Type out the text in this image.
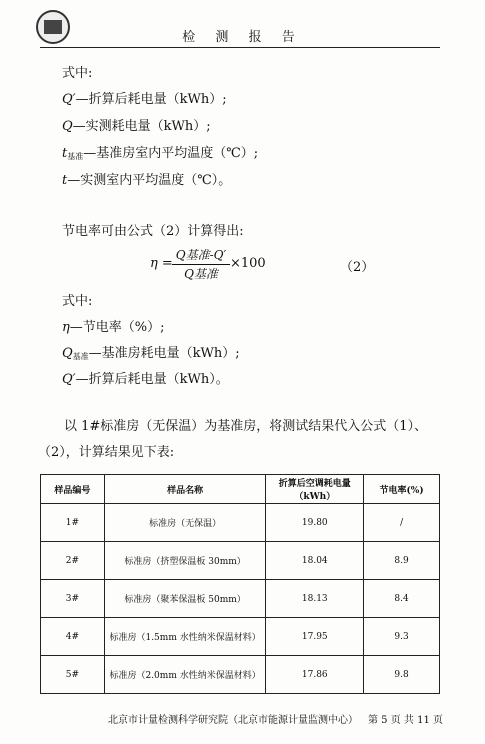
检 测 报 告
式中:
Q′—折算后耗电量（kWh）;
Q—实测耗电量（kWh）;
$t_{基准}—$基准房室内平均温度（℃）;
t—实测室内平均温度（℃）。
节电率可由公式（2）计算得出:
η =
Q基准-Q′
Q基准
×100	（2）
式中:
η—节电率（%）;
$Q_{基准}—$基准房耗电量（kWh）;
Q′—折算后耗电量（kWh）。
以 1#标准房（无保温）为基准房，将测试结果代入公式（1）、（2），计算结果见下表:
样品编号	样品名称	折算后空调耗电量
（kWh）	节电率(%)
1#	标准房（无保温）	19.80	/
2#	标准房（挤塑保温板 30mm）	18.04	8.9
3#	标准房（聚苯保温板 50mm）	18.13	8.4
4#	标准房（1.5mm 水性纳米保温材料）	17.95	9.3
5#	标准房（2.0mm 水性纳米保温材料）	17.86	9.8
北京市计量检测科学研究院（北京市能源计量监测中心） 第 5 页 共 11 页
